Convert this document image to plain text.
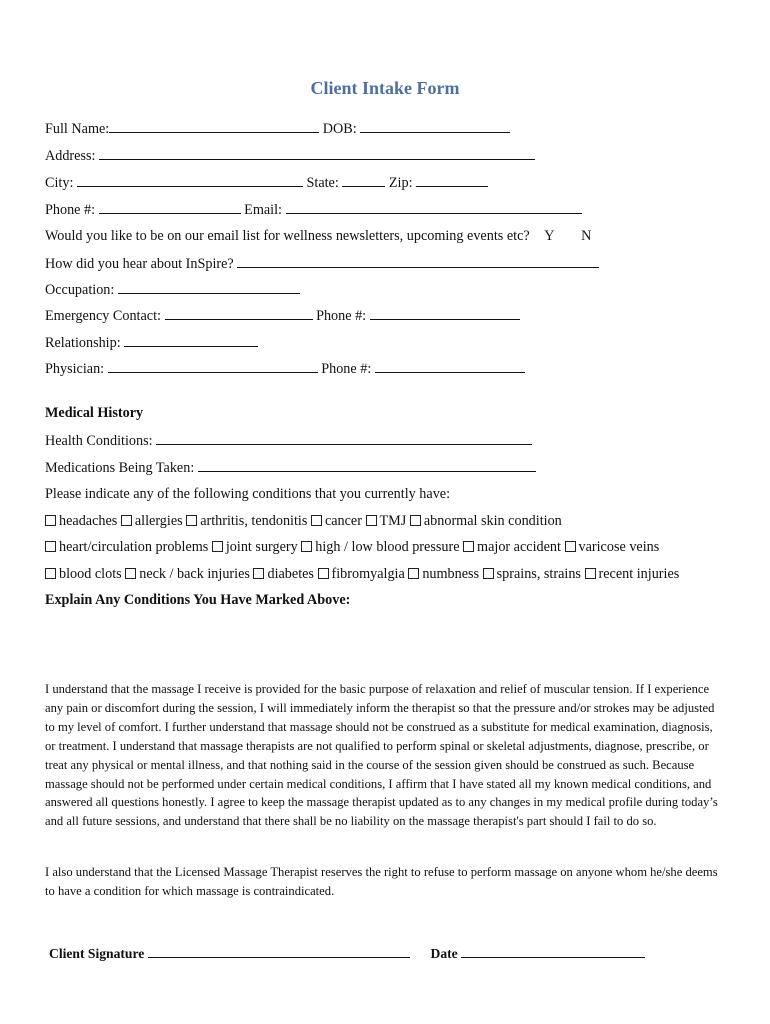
Client Intake Form
Full Name:	DOB:
Address:
City:	State:	Zip:
Phone #:	Email:
Would you like to be on our email list for wellness newsletters, upcoming events etc? Y N
How did you hear about InSpire?
Occupation:
Emergency Contact:	Phone #:
Relationship:
Physician:	Phone #:
Medical History
Health Conditions:
Medications Being Taken:
Please indicate any of the following conditions that you currently have:
headaches allergies arthritis, tendonitis cancer TMJ abnormal skin condition
heart/circulation problems joint surgery high / low blood pressure major accident varicose veins
blood clots neck / back injuries diabetes fibromyalgia numbness sprains, strains recent injuries
Explain Any Conditions You Have Marked Above:
I understand that the massage I receive is provided for the basic purpose of relaxation and relief of muscular tension. If I experience any pain or discomfort during the session, I will immediately inform the therapist so that the pressure and/or strokes may be adjusted to my level of comfort. I further understand that massage should not be construed as a substitute for medical examination, diagnosis, or treatment. I understand that massage therapists are not qualified to perform spinal or skeletal adjustments, diagnose, prescribe, or treat any physical or mental illness, and that nothing said in the course of the session given should be construed as such. Because massage should not be performed under certain medical conditions, I affirm that I have stated all my known medical conditions, and answered all questions honestly. I agree to keep the massage therapist updated as to any changes in my medical profile during today’s and all future sessions, and understand that there shall be no liability on the massage therapist's part should I fail to do so.
I also understand that the Licensed Massage Therapist reserves the right to refuse to perform massage on anyone whom he/she deems to have a condition for which massage is contraindicated.
Client Signature	Date
